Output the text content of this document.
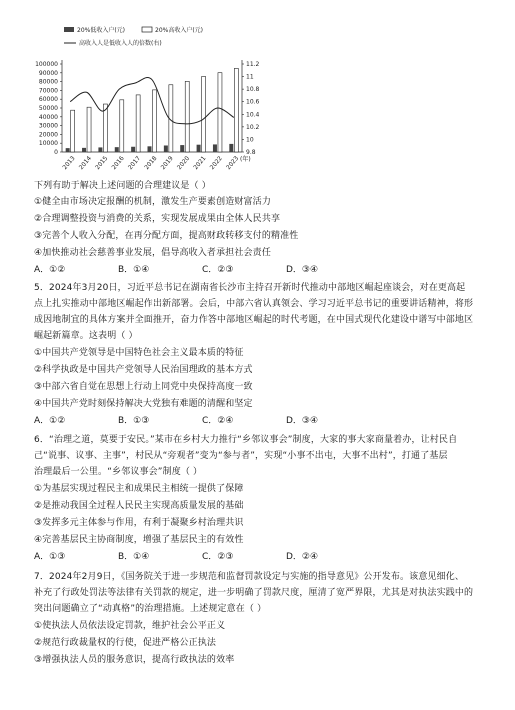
20%低收入户(元)	20%高收入户(元)
高收入人是低收入人的倍数(右)
0
10000
20000
30000
40000
50000
60000
70000
80000
90000
100000
9.8
10
10.2
10.4
10.6
10.8
11
11.2
2013 2014 2015 2016 2017 2018 2019 2020 2021 2022 2023 (年)
下列有助于解决上述问题的合理建议是（ ）
①健全由市场决定报酬的机制，激发生产要素创造财富活力
②合理调整投资与消费的关系，实现发展成果由全体人民共享
③完善个人收入分配，在再分配方面，提高财政转移支付的精准性
④加快推动社会慈善事业发展，倡导高收入者承担社会责任
A．①②	B．①④	C．②③	D．③④
5．2024年3月20日，习近平总书记在湖南省长沙市主持召开新时代推动中部地区崛起座谈会，对在更高起
点上扎实推动中部地区崛起作出新部署。会后，中部六省认真领会、学习习近平总书记的重要讲话精神，将形
成因地制宜的具体方案并全面推开，奋力作答中部地区崛起的时代考题，在中国式现代化建设中谱写中部地区
崛起新篇章。这表明（ ）
①中国共产党领导是中国特色社会主义最本质的特征
②科学执政是中国共产党领导人民治国理政的基本方式
③中部六省自觉在思想上行动上同党中央保持高度一致
④中国共产党时刻保持解决大党独有难题的清醒和坚定
A．①②	B．①③	C．②④	D．③④
6．“治理之道，莫要于安民。”某市在乡村大力推行“乡邻议事会”制度，大家的事大家商量着办，让村民自
己“说事、议事、主事”，村民从“旁观者”变为“参与者”，实现“小事不出屯，大事不出村”，打通了基层
治理最后一公里。“乡邻议事会”制度（ ）
①为基层实现过程民主和成果民主相统一提供了保障
②是推动我国全过程人民民主实现高质量发展的基础
③发挥多元主体参与作用，有利于凝聚乡村治理共识
④完善基层民主协商制度，增强了基层民主的有效性
A．①③	B．①④	C．②③	D．②④
7．2024年2月9日，《国务院关于进一步规范和监督罚款设定与实施的指导意见》公开发布。该意见细化、
补充了行政处罚法等法律有关罚款的规定，进一步明确了罚款尺度，厘清了宽严界限，尤其是对执法实践中的
突出问题确立了“动真格”的治理措施。上述规定意在（ ）
①使执法人员依法设定罚款，维护社会公平正义
②规范行政裁量权的行使，促进严格公正执法
③增强执法人员的服务意识，提高行政执法的效率
